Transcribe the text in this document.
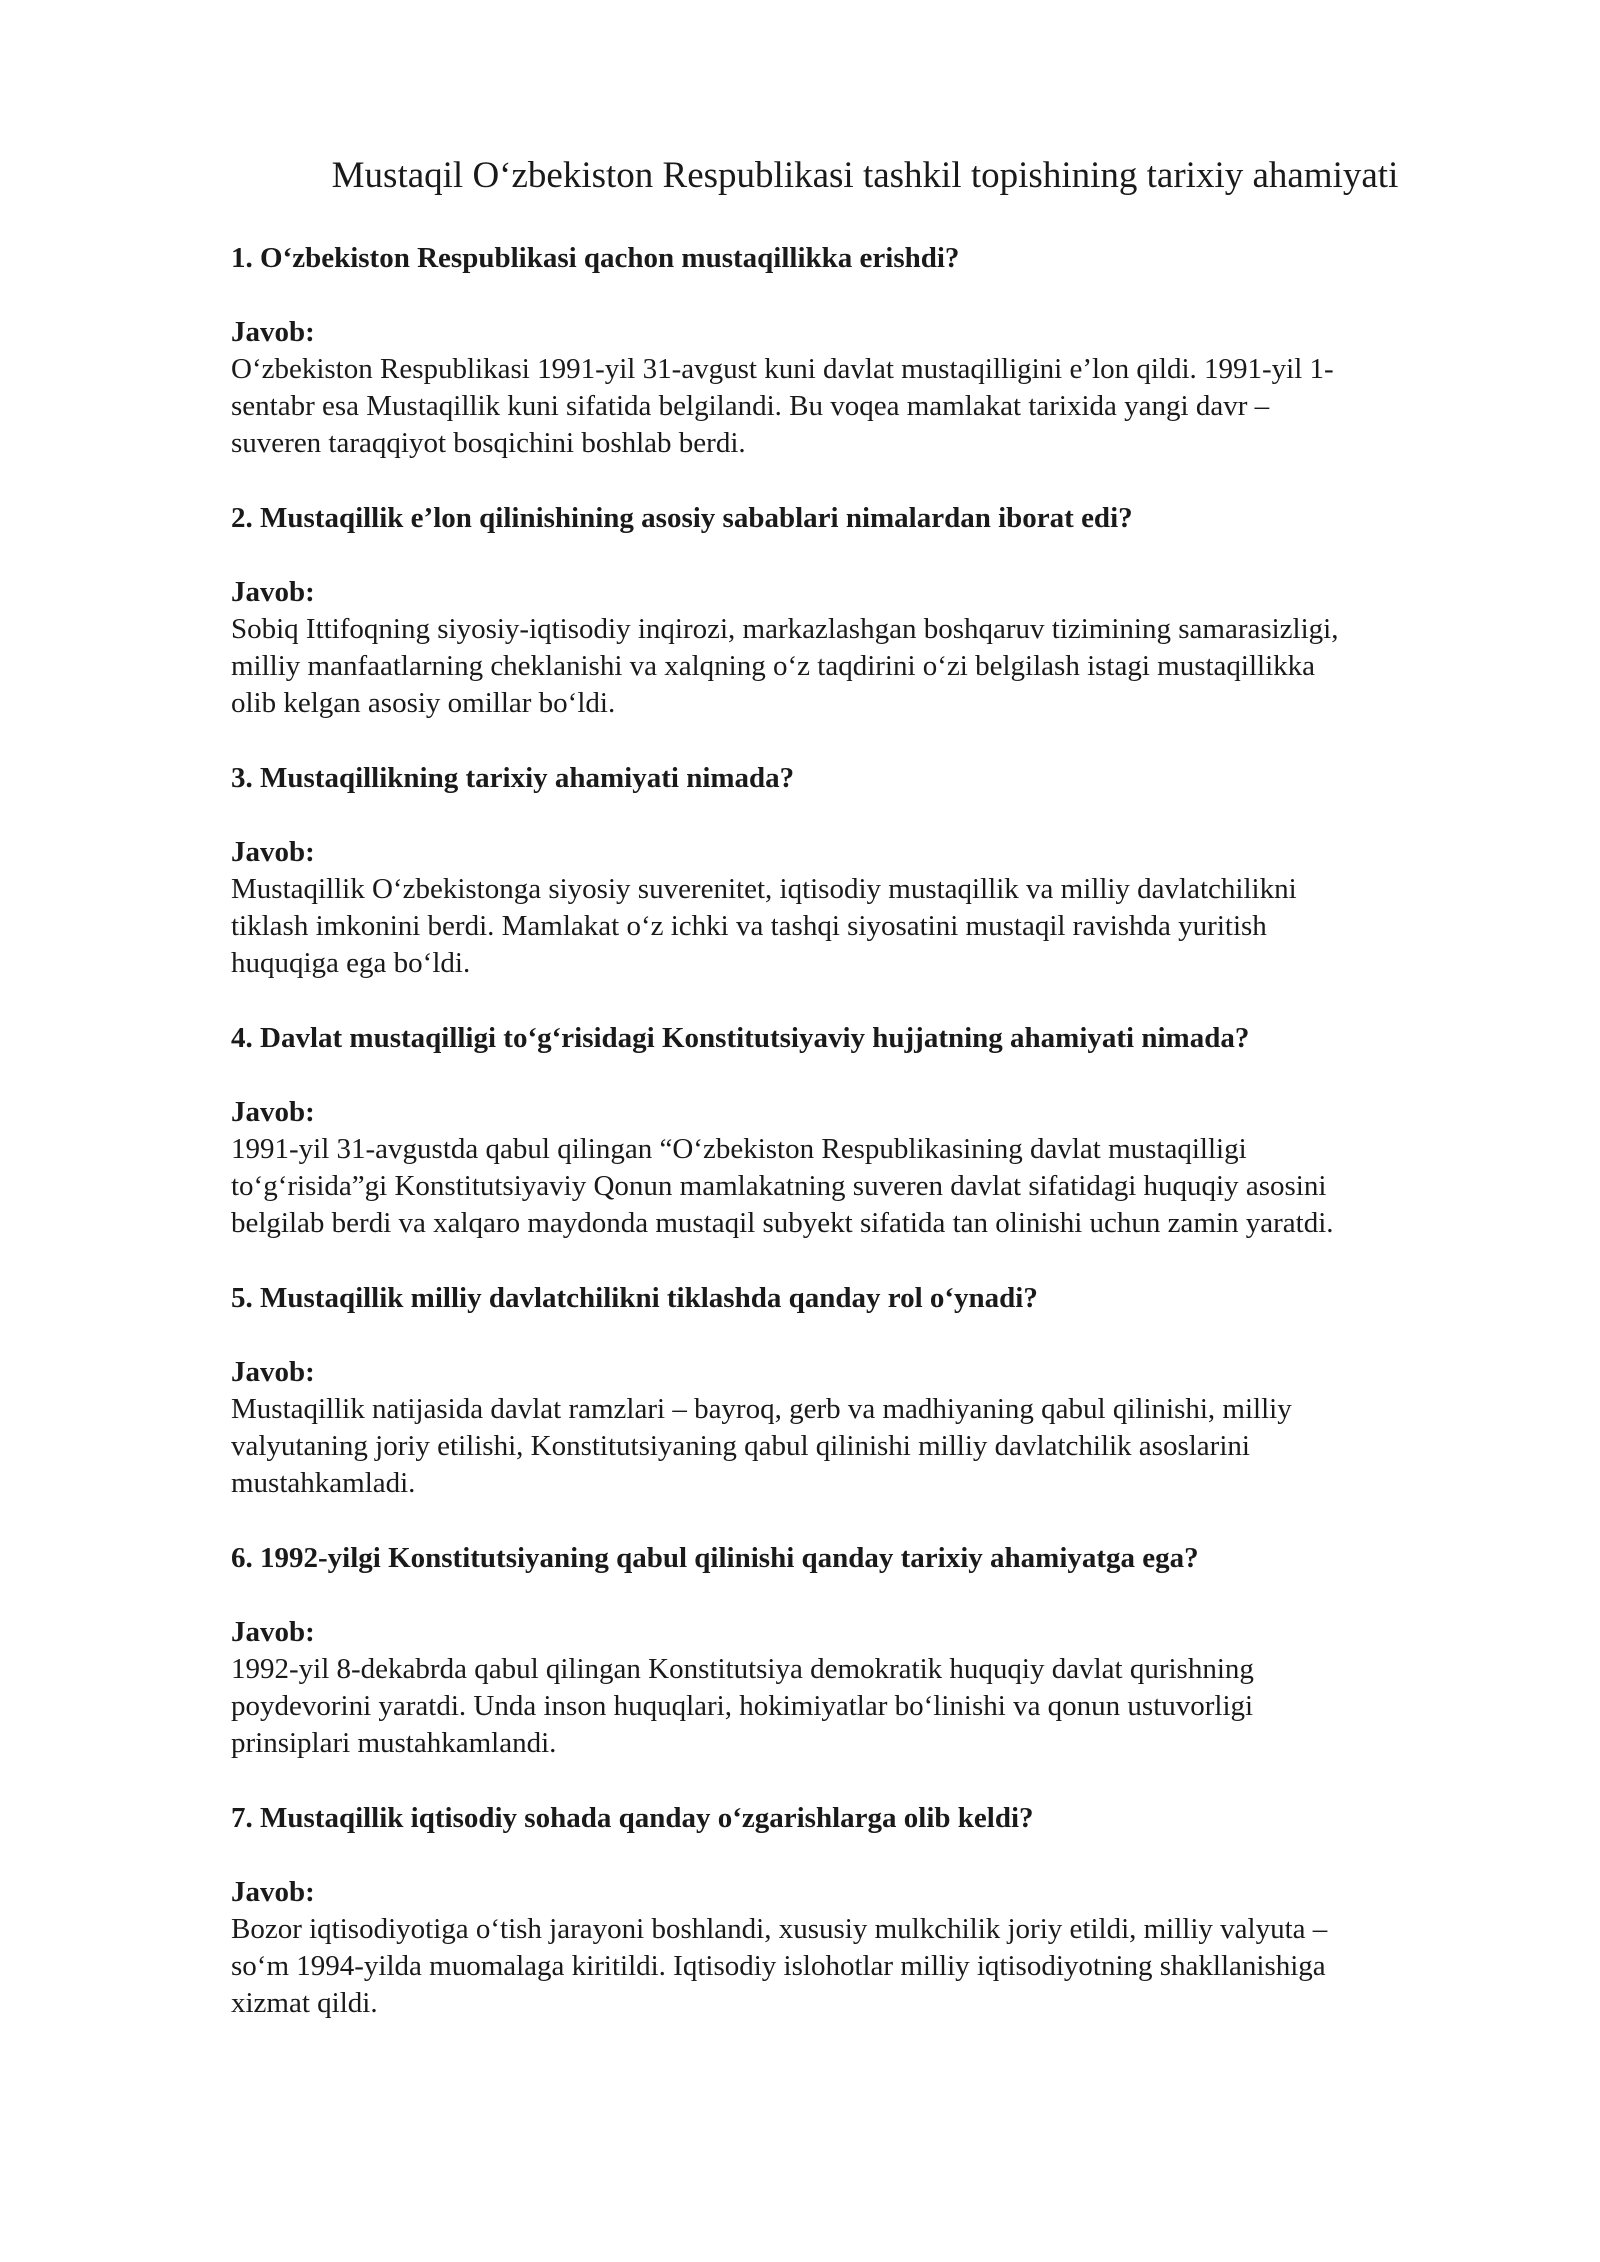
Mustaqil O‘zbekiston Respublikasi tashkil topishining tarixiy ahamiyati

1. O‘zbekiston Respublikasi qachon mustaqillikka erishdi?

Javob:

O‘zbekiston Respublikasi 1991-yil 31-avgust kuni davlat mustaqilligini e’lon qildi. 1991-yil 1-
sentabr esa Mustaqillik kuni sifatida belgilandi. Bu voqea mamlakat tarixida yangi davr –
suveren taraqqiyot bosqichini boshlab berdi.

2. Mustaqillik e’lon qilinishining asosiy sabablari nimalardan iborat edi?

Javob:

Sobiq Ittifoqning siyosiy-iqtisodiy inqirozi, markazlashgan boshqaruv tizimining samarasizligi,
milliy manfaatlarning cheklanishi va xalqning o‘z taqdirini o‘zi belgilash istagi mustaqillikka
olib kelgan asosiy omillar bo‘ldi.

3. Mustaqillikning tarixiy ahamiyati nimada?

Javob:

Mustaqillik O‘zbekistonga siyosiy suverenitet, iqtisodiy mustaqillik va milliy davlatchilikni
tiklash imkonini berdi. Mamlakat o‘z ichki va tashqi siyosatini mustaqil ravishda yuritish
huquqiga ega bo‘ldi.

4. Davlat mustaqilligi to‘g‘risidagi Konstitutsiyaviy hujjatning ahamiyati nimada?

Javob:

1991-yil 31-avgustda qabul qilingan “O‘zbekiston Respublikasining davlat mustaqilligi
to‘g‘risida”gi Konstitutsiyaviy Qonun mamlakatning suveren davlat sifatidagi huquqiy asosini
belgilab berdi va xalqaro maydonda mustaqil subyekt sifatida tan olinishi uchun zamin yaratdi.

5. Mustaqillik milliy davlatchilikni tiklashda qanday rol o‘ynadi?

Javob:

Mustaqillik natijasida davlat ramzlari – bayroq, gerb va madhiyaning qabul qilinishi, milliy
valyutaning joriy etilishi, Konstitutsiyaning qabul qilinishi milliy davlatchilik asoslarini
mustahkamladi.

6. 1992-yilgi Konstitutsiyaning qabul qilinishi qanday tarixiy ahamiyatga ega?

Javob:

1992-yil 8-dekabrda qabul qilingan Konstitutsiya demokratik huquqiy davlat qurishning
poydevorini yaratdi. Unda inson huquqlari, hokimiyatlar bo‘linishi va qonun ustuvorligi
prinsiplari mustahkamlandi.

7. Mustaqillik iqtisodiy sohada qanday o‘zgarishlarga olib keldi?

Javob:

Bozor iqtisodiyotiga o‘tish jarayoni boshlandi, xususiy mulkchilik joriy etildi, milliy valyuta –
so‘m 1994-yilda muomalaga kiritildi. Iqtisodiy islohotlar milliy iqtisodiyotning shakllanishiga
xizmat qildi.
